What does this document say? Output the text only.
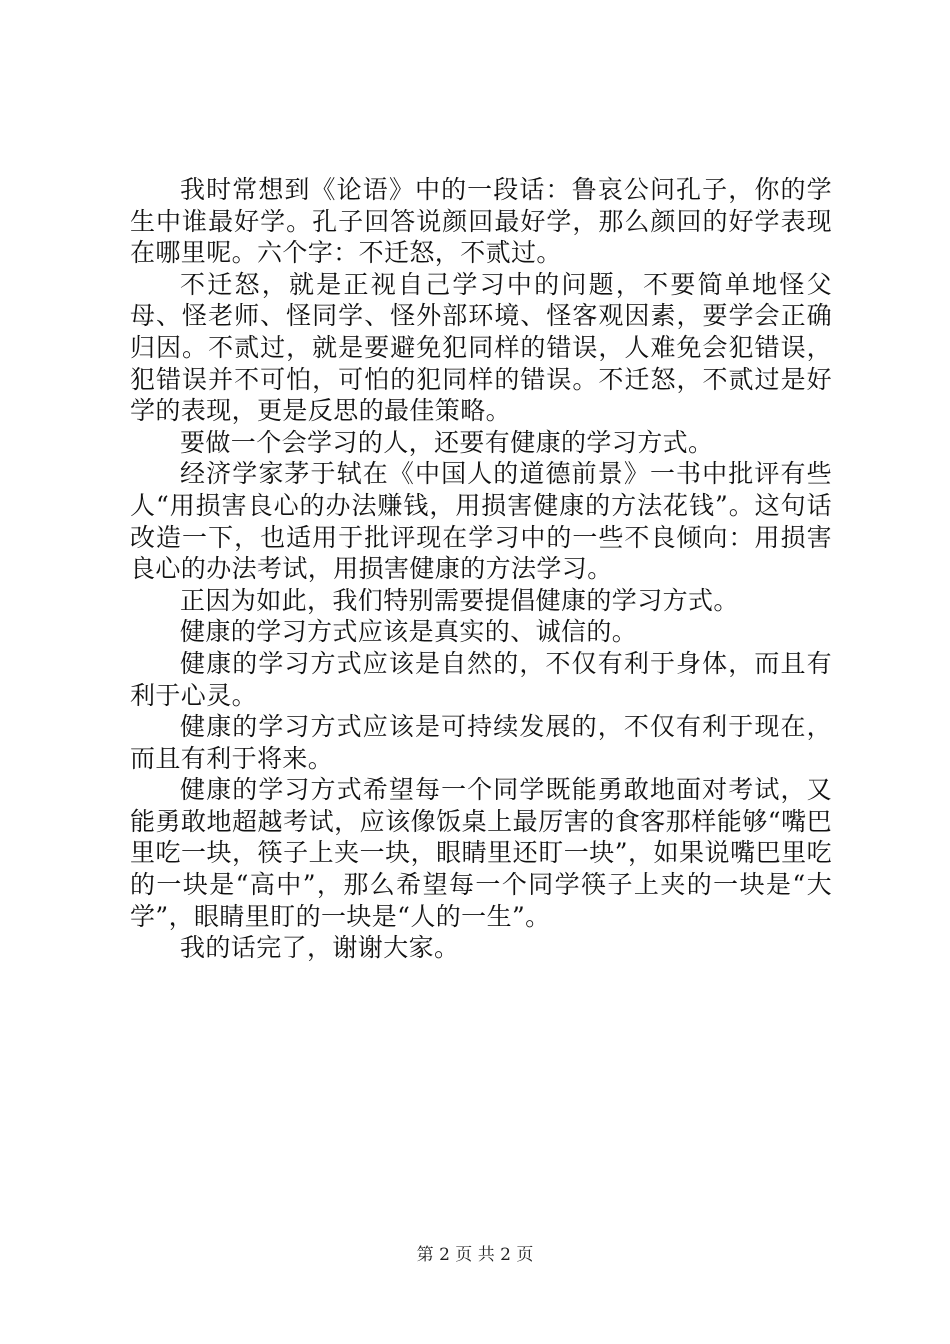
我时常想到《论语》中的一段话：鲁哀公问孔子，你的学生中谁最好学。孔子回答说颜回最好学，那么颜回的好学表现在哪里呢。六个字：不迁怒，不贰过。

不迁怒，就是正视自己学习中的问题，不要简单地怪父母、怪老师、怪同学、怪外部环境、怪客观因素，要学会正确归因。不贰过，就是要避免犯同样的错误，人难免会犯错误，犯错误并不可怕，可怕的犯同样的错误。不迁怒，不贰过是好学的表现，更是反思的最佳策略。

要做一个会学习的人，还要有健康的学习方式。

经济学家茅于轼在《中国人的道德前景》一书中批评有些人“用损害良心的办法赚钱，用损害健康的方法花钱”。这句话改造一下，也适用于批评现在学习中的一些不良倾向：用损害良心的办法考试，用损害健康的方法学习。

正因为如此，我们特别需要提倡健康的学习方式。

健康的学习方式应该是真实的、诚信的。

健康的学习方式应该是自然的，不仅有利于身体，而且有利于心灵。

健康的学习方式应该是可持续发展的，不仅有利于现在，而且有利于将来。

健康的学习方式希望每一个同学既能勇敢地面对考试，又能勇敢地超越考试，应该像饭桌上最厉害的食客那样能够“嘴巴里吃一块，筷子上夹一块，眼睛里还盯一块”，如果说嘴巴里吃的一块是“高中”，那么希望每一个同学筷子上夹的一块是“大学”，眼睛里盯的一块是“人的一生”。

我的话完了，谢谢大家。

第 2 页 共 2 页
